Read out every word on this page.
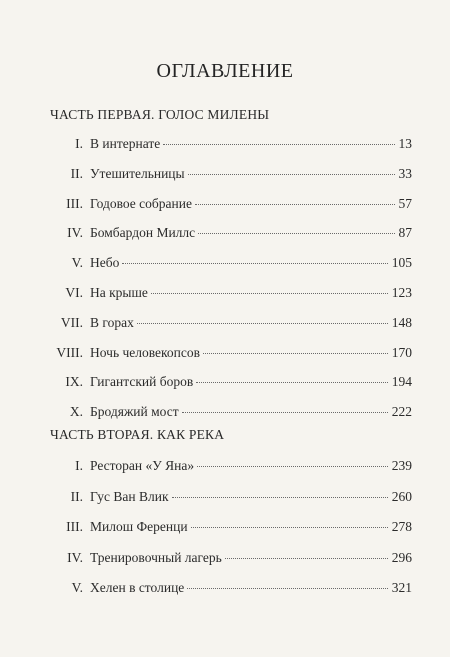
ОГЛАВЛЕНИЕ
ЧАСТЬ ПЕРВАЯ. ГОЛОС МИЛЕНЫ
I. В интернате	13
II. Утешительницы	33
III. Годовое собрание	57
IV. Бомбардон Миллс	87
V. Небо	105
VI. На крыше	123
VII. В горах	148
VIII. Ночь человекопсов	170
IX. Гигантский боров	194
X. Бродяжий мост	222
ЧАСТЬ ВТОРАЯ. КАК РЕКА
I. Ресторан «У Яна»	239
II. Гус Ван Влик	260
III. Милош Ференци	278
IV. Тренировочный лагерь	296
V. Хелен в столице	321
